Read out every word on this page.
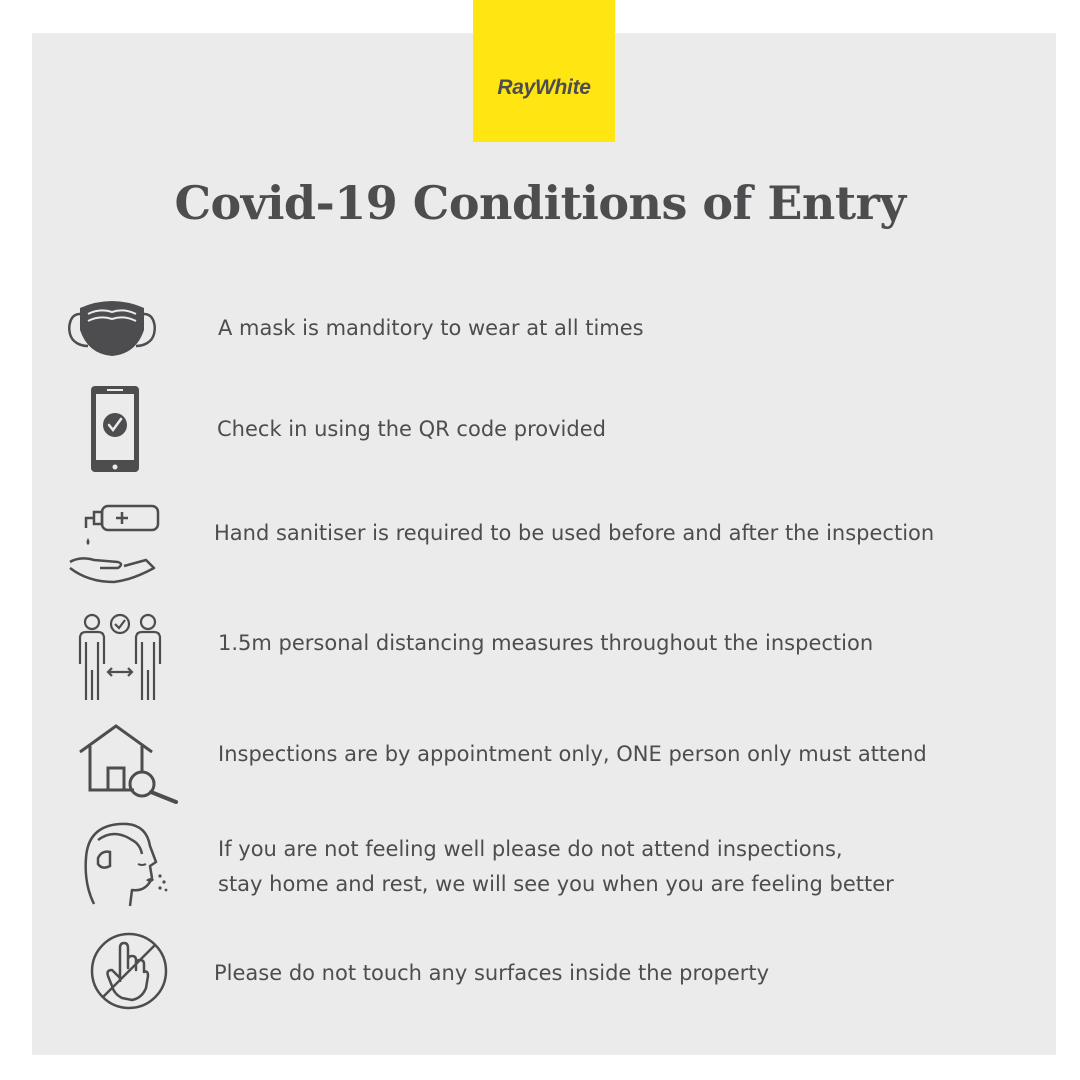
RayWhite
Covid-19 Conditions of Entry
A mask is manditory to wear at all times
Check in using the QR code provided
Hand sanitiser is required to be used before and after the inspection
1.5m personal distancing measures throughout the inspection
Inspections are by appointment only, ONE person only must attend
If you are not feeling well please do not attend inspections,
stay home and rest, we will see you when you are feeling better
Please do not touch any surfaces inside the property
